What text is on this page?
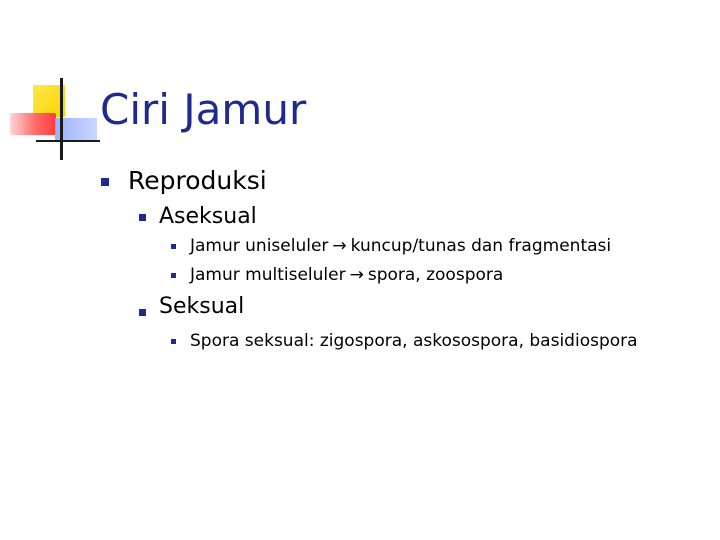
Ciri Jamur
Reproduksi
Aseksual
Jamur uniseluler → kuncup/tunas dan fragmentasi
Jamur multiseluler → spora, zoospora
Seksual
Spora seksual: zigospora, askosospora, basidiospora
